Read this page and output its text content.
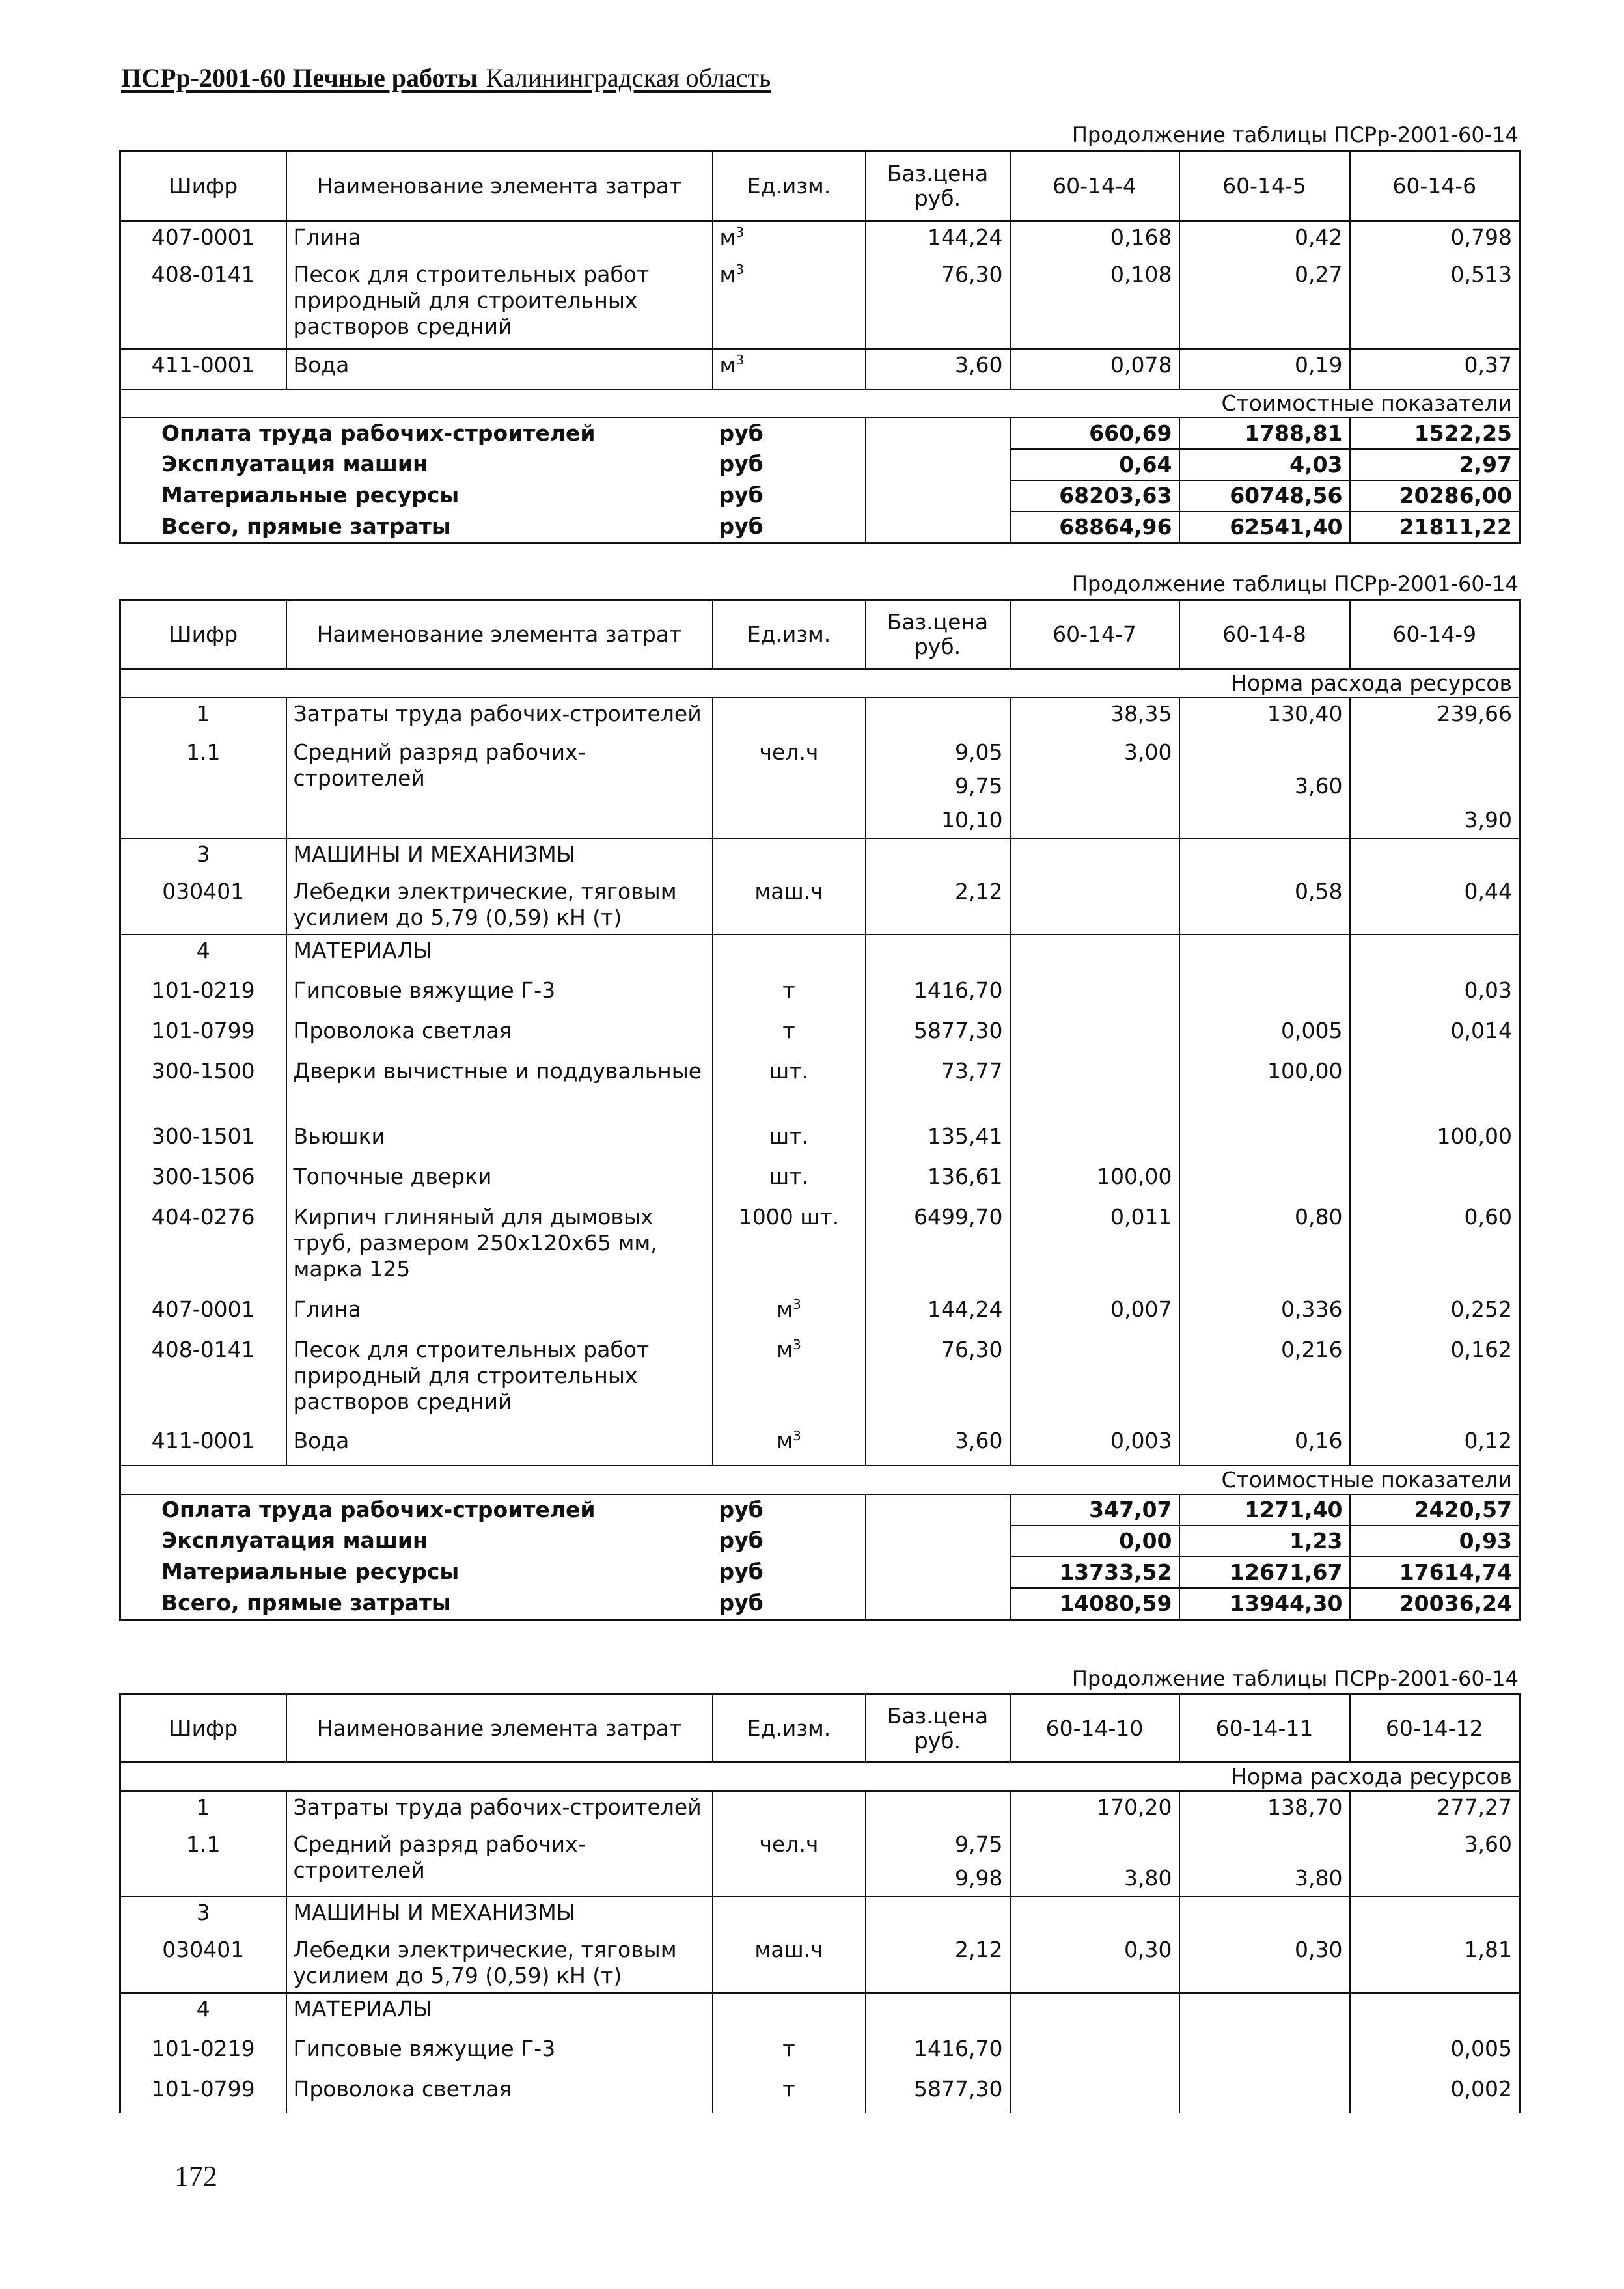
ПСРр-2001-60 Печные работы Калининградская область
Продолжение таблицы ПСРр-2001-60-14
Шифр	Наименование элемента затрат	Ед.изм.	Баз.цена руб.	60-14-4	60-14-5	60-14-6
407-0001	Глина	$м^3$	144,24	0,168	0,42	0,798
408-0141	Песок для строительных работ природный для строительных растворов средний	$м^3$	76,30	0,108	0,27	0,513
411-0001	Вода	$м^3$	3,60	0,078	0,19	0,37
Стоимостные показатели						
Оплата труда рабочих-строителей		руб		660,69	1788,81	1522,25
Эксплуатация машин		руб		0,64	4,03	2,97
Материальные ресурсы		руб		68203,63	60748,56	20286,00
Всего, прямые затраты		руб		68864,96	62541,40	21811,22
Продолжение таблицы ПСРр-2001-60-14
Шифр	Наименование элемента затрат	Ед.изм.	Баз.цена руб.	60-14-7	60-14-8	60-14-9
Норма расхода ресурсов						
1	Затраты труда рабочих-строителей			38,35	130,40	239,66
1.1	Средний разряд рабочих-строителей	чел.ч	9,05	3,00		
			9,75		3,60	
			10,10			3,90
3	МАШИНЫ И МЕХАНИЗМЫ					
030401	Лебедки электрические, тяговым усилием до 5,79 (0,59) кН (т)	маш.ч	2,12		0,58	0,44
4	МАТЕРИАЛЫ					
101-0219	Гипсовые вяжущие Г-3	т	1416,70			0,03
101-0799	Проволока светлая	т	5877,30		0,005	0,014
300-1500	Дверки вычистные и поддувальные	шт.	73,77		100,00	
300-1501	Вьюшки	шт.	135,41			100,00
300-1506	Топочные дверки	шт.	136,61	100,00		
404-0276	Кирпич глиняный для дымовых труб, размером 250х120х65 мм, марка 125	1000 шт.	6499,70	0,011	0,80	0,60
407-0001	Глина	$м^3$	144,24	0,007	0,336	0,252
408-0141	Песок для строительных работ природный для строительных растворов средний	$м^3$	76,30		0,216	0,162
411-0001	Вода	$м^3$	3,60	0,003	0,16	0,12
Стоимостные показатели						
Оплата труда рабочих-строителей		руб		347,07	1271,40	2420,57
Эксплуатация машин		руб		0,00	1,23	0,93
Материальные ресурсы		руб		13733,52	12671,67	17614,74
Всего, прямые затраты		руб		14080,59	13944,30	20036,24
Продолжение таблицы ПСРр-2001-60-14
Шифр	Наименование элемента затрат	Ед.изм.	Баз.цена руб.	60-14-10	60-14-11	60-14-12
Норма расхода ресурсов						
1	Затраты труда рабочих-строителей			170,20	138,70	277,27
1.1	Средний разряд рабочих-строителей	чел.ч	9,75			3,60
			9,98	3,80	3,80	
3	МАШИНЫ И МЕХАНИЗМЫ					
030401	Лебедки электрические, тяговым усилием до 5,79 (0,59) кН (т)	маш.ч	2,12	0,30	0,30	1,81
4	МАТЕРИАЛЫ					
101-0219	Гипсовые вяжущие Г-3	т	1416,70			0,005
101-0799	Проволока светлая	т	5877,30			0,002
172
